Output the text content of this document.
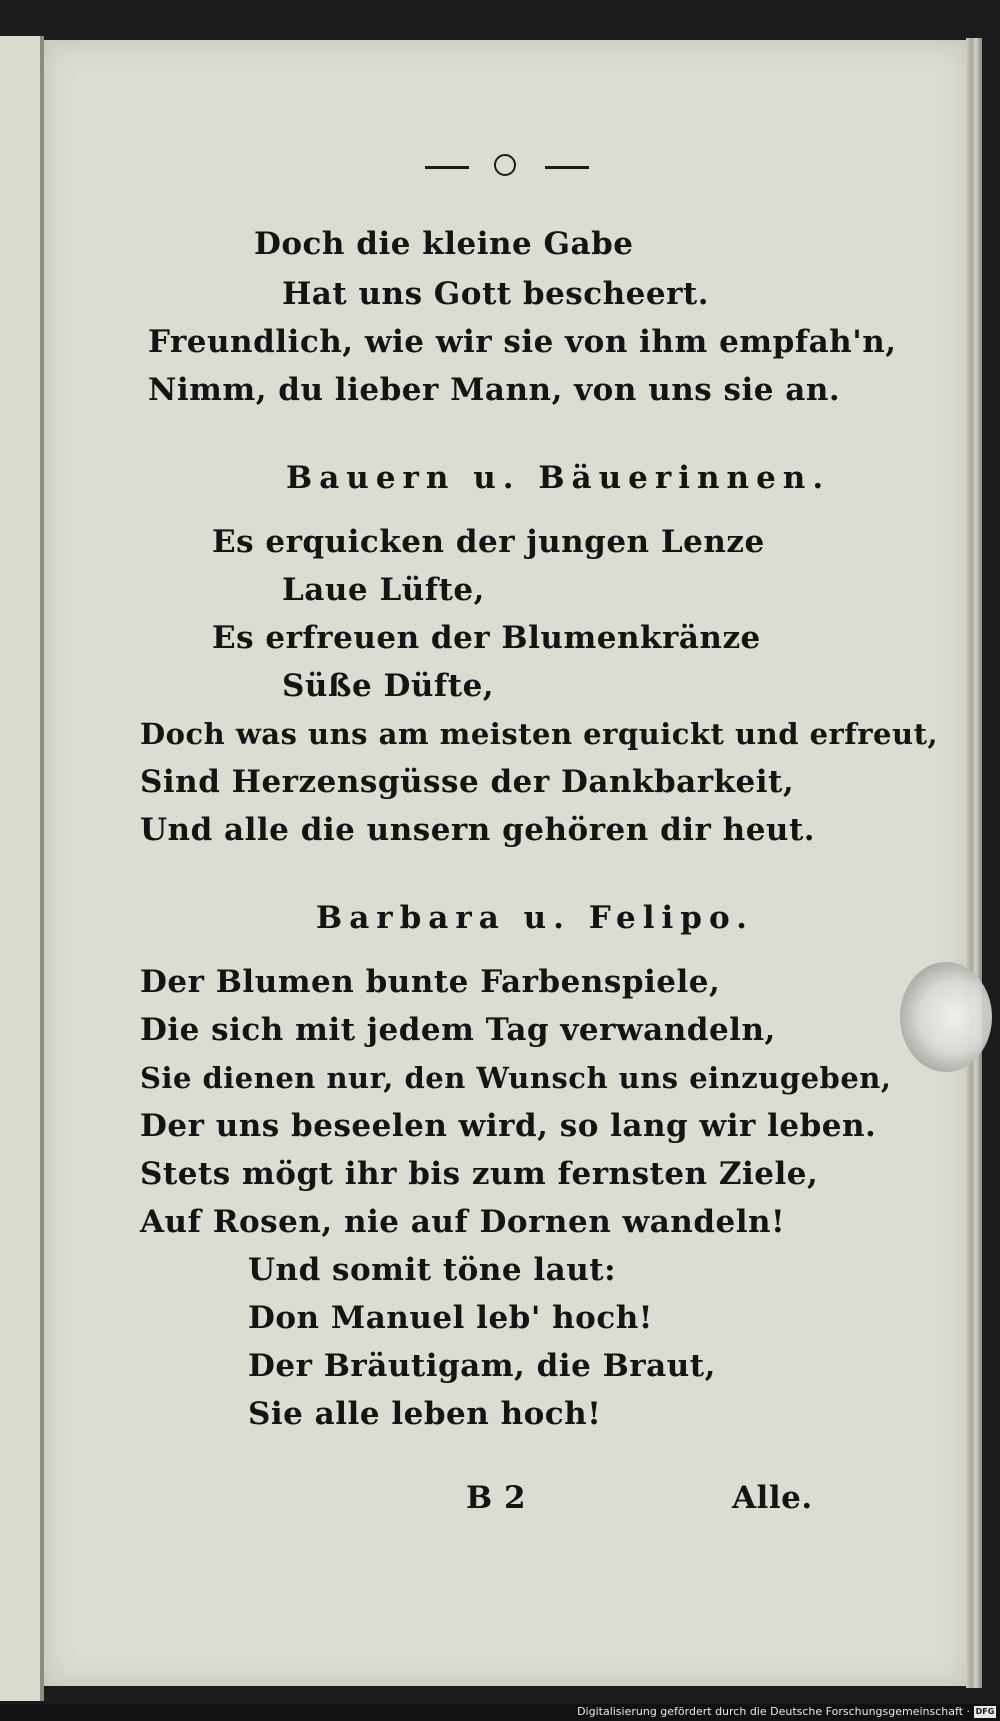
Doch die kleine Gabe
Hat uns Gott bescheert.
Freundlich, wie wir sie von ihm empfah'n,
Nimm, du lieber Mann, von uns sie an.
Bauern u. Bäuerinnen.
Es erquicken der jungen Lenze
Laue Lüfte,
Es erfreuen der Blumenkränze
Süße Düfte,
Doch was uns am meisten erquickt und erfreut,
Sind Herzensgüsse der Dankbarkeit,
Und alle die unsern gehören dir heut.
Barbara u. Felipo.
Der Blumen bunte Farbenspiele,
Die sich mit jedem Tag verwandeln,
Sie dienen nur, den Wunsch uns einzugeben,
Der uns beseelen wird, so lang wir leben.
Stets mögt ihr bis zum fernsten Ziele,
Auf Rosen, nie auf Dornen wandeln!
Und somit töne laut:
Don Manuel leb' hoch!
Der Bräutigam, die Braut,
Sie alle leben hoch!
B 2	Alle.
Digitalisierung gefördert durch die Deutsche Forschungsgemeinschaft · DFG
